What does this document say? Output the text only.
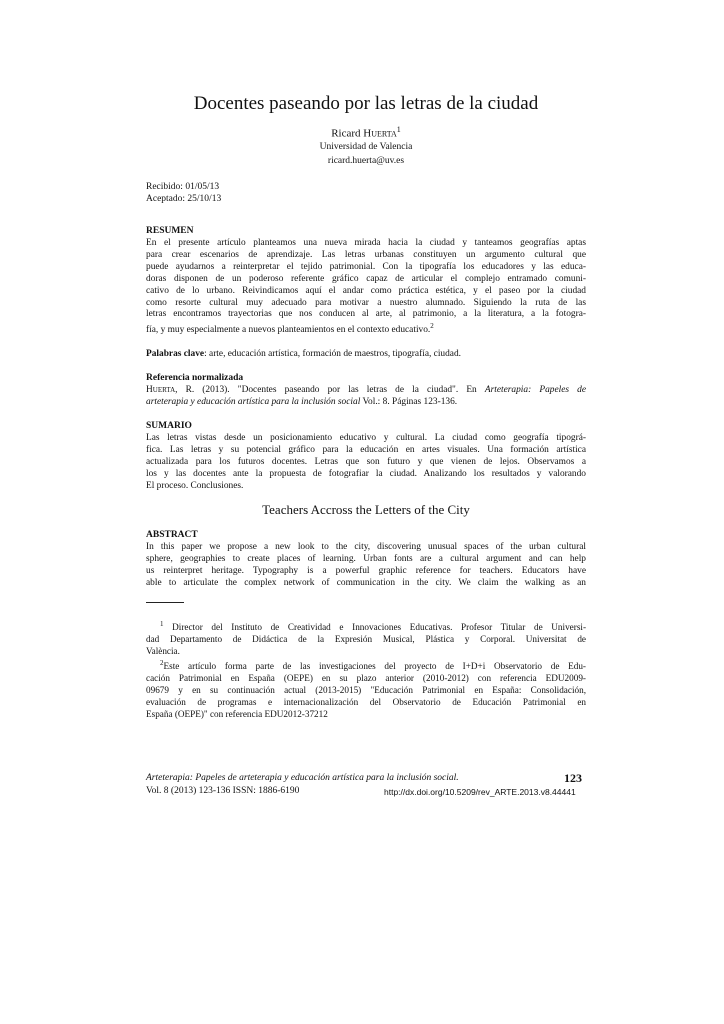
Docentes paseando por las letras de la ciudad
Ricard Huerta$^1$
Universidad de Valencia
ricard.huerta@uv.es
Recibido: 01/05/13
Aceptado: 25/10/13
RESUMEN
En el presente artículo planteamos una nueva mirada hacia la ciudad y tanteamos geografías aptas
para crear escenarios de aprendizaje. Las letras urbanas constituyen un argumento cultural que
puede ayudarnos a reinterpretar el tejido patrimonial. Con la tipografía los educadores y las educa-
doras disponen de un poderoso referente gráfico capaz de articular el complejo entramado comuni-
cativo de lo urbano. Reivindicamos aquí el andar como práctica estética, y el paseo por la ciudad
como resorte cultural muy adecuado para motivar a nuestro alumnado. Siguiendo la ruta de las
letras encontramos trayectorias que nos conducen al arte, al patrimonio, a la literatura, a la fotogra-
fía, y muy especialmente a nuevos planteamientos en el contexto educativo.$^2$
Palabras clave: arte, educación artística, formación de maestros, tipografía, ciudad.
Referencia normalizada
Huerta, R. (2013). "Docentes paseando por las letras de la ciudad". En Arteterapia: Papeles de
arteterapia y educación artística para la inclusión social Vol.: 8. Páginas 123-136.
SUMARIO
Las letras vistas desde un posicionamiento educativo y cultural. La ciudad como geografía tipográ-
fica. Las letras y su potencial gráfico para la educación en artes visuales. Una formación artística
actualizada para los futuros docentes. Letras que son futuro y que vienen de lejos. Observamos a
los y las docentes ante la propuesta de fotografiar la ciudad. Analizando los resultados y valorando
El proceso. Conclusiones.
Teachers Accross the Letters of the City
ABSTRACT
In this paper we propose a new look to the city, discovering unusual spaces of the urban cultural
sphere, geographies to create places of learning. Urban fonts are a cultural argument and can help
us reinterpret heritage. Typography is a powerful graphic reference for teachers. Educators have
able to articulate the complex network of communication in the city. We claim the walking as an
$^1$ Director del Instituto de Creatividad e Innovaciones Educativas. Profesor Titular de Universi-
dad Departamento de Didáctica de la Expresión Musical, Plástica y Corporal. Universitat de
València.
$^2$Este artículo forma parte de las investigaciones del proyecto de I+D+i Observatorio de Edu-
cación Patrimonial en España (OEPE) en su plazo anterior (2010-2012) con referencia EDU2009-
09679 y en su continuación actual (2013-2015) "Educación Patrimonial en España: Consolidación,
evaluación de programas e internacionalización del Observatorio de Educación Patrimonial en
España (OEPE)" con referencia EDU2012-37212
Arteterapia: Papeles de arteterapia y educación artística para la inclusión social.	123
Vol. 8 (2013) 123-136 ISSN: 1886-6190	http://dx.doi.org/10.5209/rev_ARTE.2013.v8.44441
